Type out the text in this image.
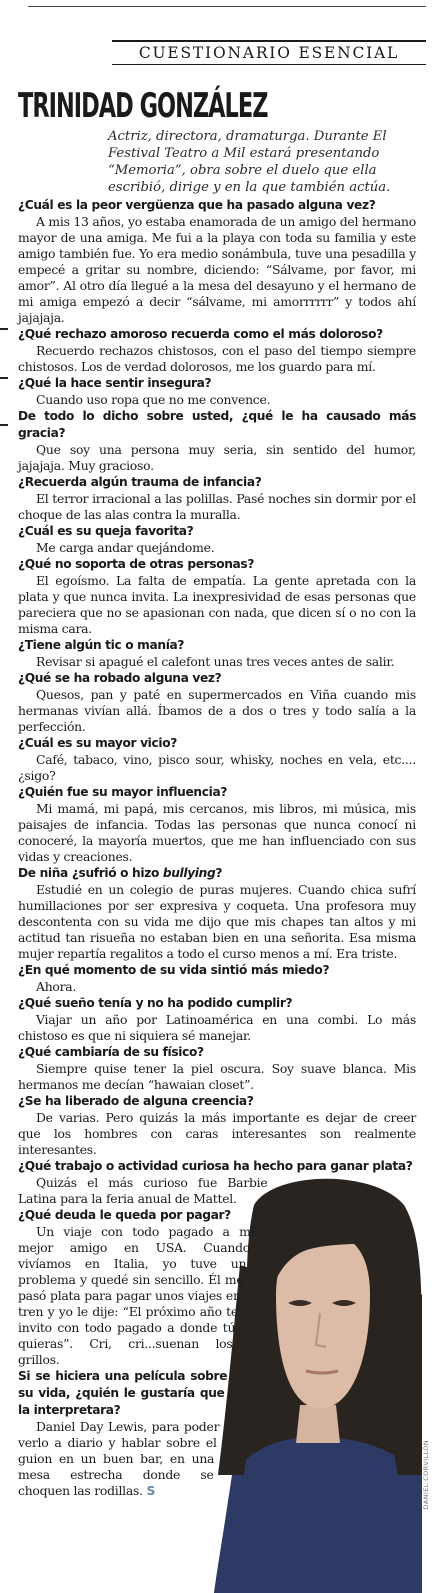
CUESTIONARIO ESENCIAL
TRINIDAD GONZÁLEZ
Actriz, directora, dramaturga. Durante El Festival Teatro a Mil estará presentando “Memoria”, obra sobre el duelo que ella escribió, dirige y en la que también actúa.

¿Cuál es la peor vergüenza que ha pasado alguna vez?

A mis 13 años, yo estaba enamorada de un amigo del hermano mayor de una amiga. Me fui a la playa con toda su familia y este amigo también fue. Yo era medio sonámbula, tuve una pesadilla y empecé a gritar su nombre, diciendo: “Sálvame, por favor, mi amor”. Al otro día llegué a la mesa del desayuno y el hermano de mi amiga empezó a decir “sálvame, mi amorrrrrr” y todos ahí jajajaja.

¿Qué rechazo amoroso recuerda como el más doloroso?

Recuerdo rechazos chistosos, con el paso del tiempo siempre chistosos. Los de verdad dolorosos, me los guardo para mí.

¿Qué la hace sentir insegura?

Cuando uso ropa que no me convence.

De todo lo dicho sobre usted, ¿qué le ha causado más gracia?

Que soy una persona muy seria, sin sentido del humor, jajajaja. Muy gracioso.

¿Recuerda algún trauma de infancia?

El terror irracional a las polillas. Pasé noches sin dormir por el choque de las alas contra la muralla.

¿Cuál es su queja favorita?

Me carga andar quejándome.

¿Qué no soporta de otras personas?

El egoísmo. La falta de empatía. La gente apretada con la plata y que nunca invita. La inexpresividad de esas personas que pareciera que no se apasionan con nada, que dicen sí o no con la misma cara.

¿Tiene algún tic o manía?

Revisar si apagué el calefont unas tres veces antes de salir.

¿Qué se ha robado alguna vez?

Quesos, pan y paté en supermercados en Viña cuando mis hermanas vivían allá. Íbamos de a dos o tres y todo salía a la perfección.

¿Cuál es su mayor vicio?

Café, tabaco, vino, pisco sour, whisky, noches en vela, etc.... ¿sigo?

¿Quién fue su mayor influencia?

Mi mamá, mi papá, mis cercanos, mis libros, mi música, mis paisajes de infancia. Todas las personas que nunca conocí ni conoceré, la mayoría muertos, que me han influenciado con sus vidas y creaciones.

De niña ¿sufrió o hizo bullying?

Estudié en un colegio de puras mujeres. Cuando chica sufrí humillaciones por ser expresiva y coqueta. Una profesora muy descontenta con su vida me dijo que mis chapes tan altos y mi actitud tan risueña no estaban bien en una señorita. Esa misma mujer repartía regalitos a todo el curso menos a mí. Era triste.

¿En qué momento de su vida sintió más miedo?

Ahora.

¿Qué sueño tenía y no ha podido cumplir?

Viajar un año por Latinoamérica en una combi. Lo más chistoso es que ni siquiera sé manejar.

¿Qué cambiaría de su físico?

Siempre quise tener la piel oscura. Soy suave blanca. Mis hermanos me decían “hawaian closet”.

¿Se ha liberado de alguna creencia?

De varias. Pero quizás la más importante es dejar de creer que los hombres con caras interesantes son realmente interesantes.

¿Qué trabajo o actividad curiosa ha hecho para ganar plata?

Quizás el más curioso fue Barbie Latina para la feria anual de Mattel.

¿Qué deuda le queda por pagar?

Un viaje con todo pagado a mi mejor amigo en USA. Cuando vivíamos en Italia, yo tuve un problema y quedé sin sencillo. Él me pasó plata para pagar unos viajes en tren y yo le dije: “El próximo año te invito con todo pagado a donde tú quieras”. Cri, cri...suenan los grillos.

Si se hiciera una película sobre su vida, ¿quién le gustaría que la interpretara?

Daniel Day Lewis, para poder verlo a diario y hablar sobre el guion en un buen bar, en una mesa estrecha donde se choquen las rodillas. S	DANIEL CORVILLÓN
